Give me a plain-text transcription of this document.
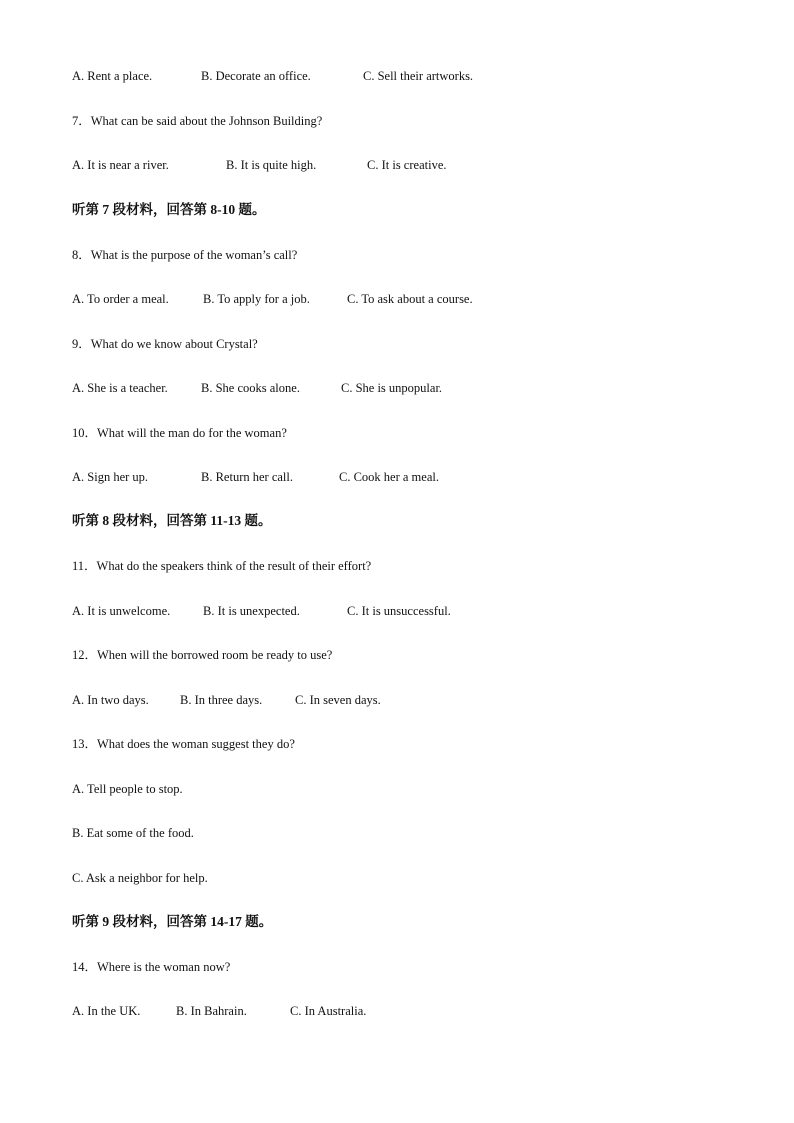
A. Rent a place.	B. Decorate an office.	C. Sell their artworks.
7．What can be said about the Johnson Building?
A. It is near a river.	B. It is quite high.	C. It is creative.
听第 7 段材料，回答第 8-10 题。
8．What is the purpose of the woman’s call?
A. To order a meal.	B. To apply for a job.	C. To ask about a course.
9．What do we know about Crystal?
A. She is a teacher.	B. She cooks alone.	C. She is unpopular.
10．What will the man do for the woman?
A. Sign her up.	B. Return her call.	C. Cook her a meal.
听第 8 段材料，回答第 11-13 题。
11．What do the speakers think of the result of their effort?
A. It is unwelcome.	B. It is unexpected.	C. It is unsuccessful.
12．When will the borrowed room be ready to use?
A. In two days.	B. In three days.	C. In seven days.
13．What does the woman suggest they do?
A. Tell people to stop.
B. Eat some of the food.
C. Ask a neighbor for help.
听第 9 段材料，回答第 14-17 题。
14．Where is the woman now?
A. In the UK.	B. In Bahrain.	C. In Australia.
